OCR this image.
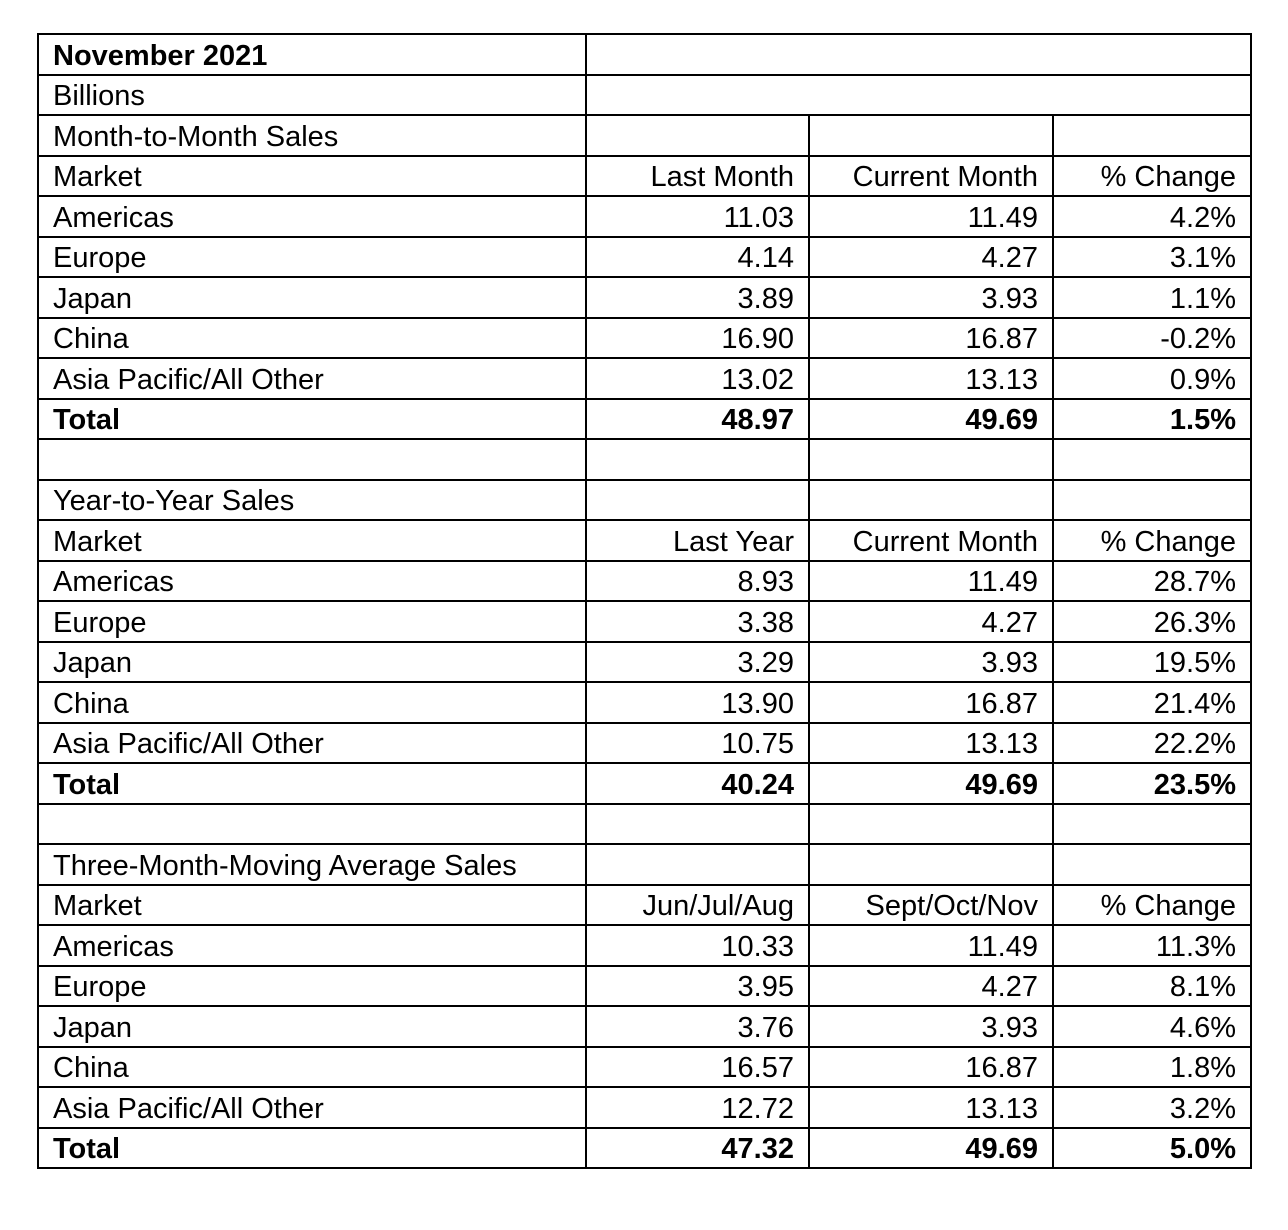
November 2021			
Billions			
Month-to-Month Sales			
Market	Last Month	Current Month	% Change
Americas	11.03	11.49	4.2%
Europe	4.14	4.27	3.1%
Japan	3.89	3.93	1.1%
China	16.90	16.87	-0.2%
Asia Pacific/All Other	13.02	13.13	0.9%
Total	48.97	49.69	1.5%

Year-to-Year Sales			
Market	Last Year	Current Month	% Change
Americas	8.93	11.49	28.7%
Europe	3.38	4.27	26.3%
Japan	3.29	3.93	19.5%
China	13.90	16.87	21.4%
Asia Pacific/All Other	10.75	13.13	22.2%
Total	40.24	49.69	23.5%

Three-Month-Moving Average Sales			
Market	Jun/Jul/Aug	Sept/Oct/Nov	% Change
Americas	10.33	11.49	11.3%
Europe	3.95	4.27	8.1%
Japan	3.76	3.93	4.6%
China	16.57	16.87	1.8%
Asia Pacific/All Other	12.72	13.13	3.2%
Total	47.32	49.69	5.0%
